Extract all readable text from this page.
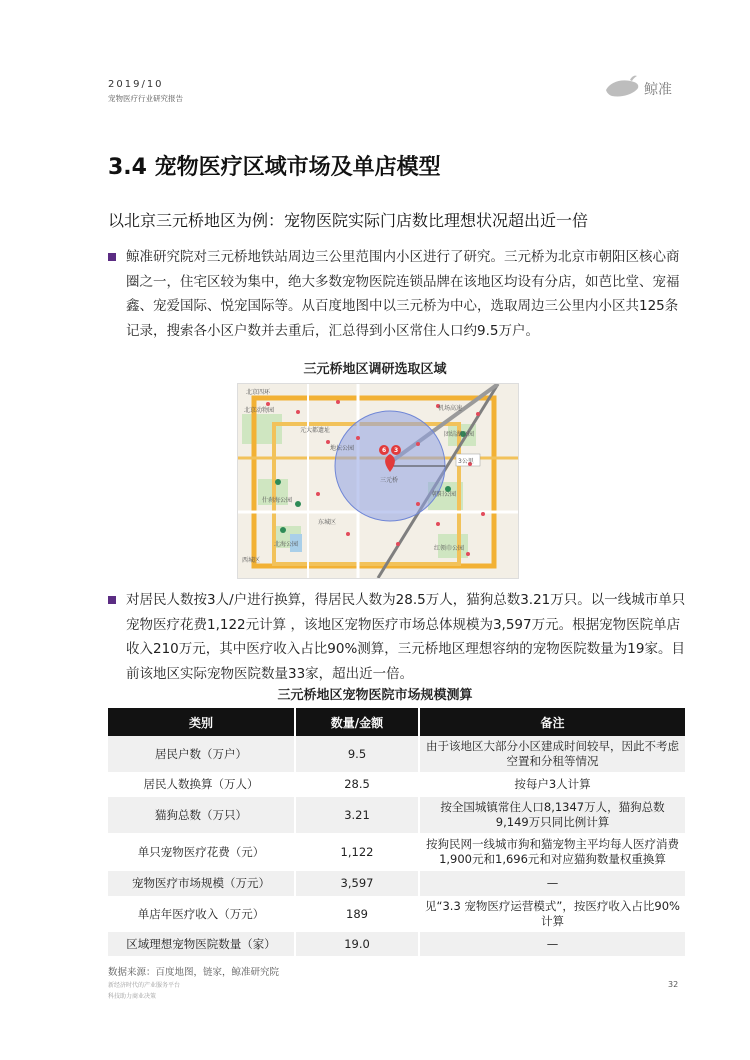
2019/10
宠物医疗行业研究报告
鲸准
3.4 宠物医疗区域市场及单店模型
以北京三元桥地区为例：宠物医院实际门店数比理想状况超出近一倍
鲸准研究院对三元桥地铁站周边三公里范围内小区进行了研究。三元桥为北京市朝阳区核心商圈之一，住宅区较为集中，绝大多数宠物医院连锁品牌在该地区均设有分店，如芭比堂、宠福鑫、宠爱国际、悦宠国际等。从百度地图中以三元桥为中心，选取周边三公里内小区共125条记录，搜索各小区户数并去重后，汇总得到小区常住人口约9.5万户。
三元桥地区调研选取区域
北京四环
北京动物园
元大都遗址
地坛公园
什刹海公园
北海公园
西城区
东城区
三元桥
朝阳公园
红领巾公园
团结湖公园
机场高速
3公里
6 3
对居民人数按3人/户进行换算，得居民人数为28.5万人，猫狗总数3.21万只。以一线城市单只宠物医疗花费1,122元计算 ，该地区宠物医疗市场总体规模为3,597万元。根据宠物医院单店收入210万元，其中医疗收入占比90%测算，三元桥地区理想容纳的宠物医院数量为19家。目前该地区实际宠物医院数量33家，超出近一倍。
三元桥地区宠物医院市场规模测算
类别	数量/金额	备注
居民户数（万户）	9.5	由于该地区大部分小区建成时间较早，因此不考虑空置和分租等情况
居民人数换算（万人）	28.5	按每户3人计算
猫狗总数（万只）	3.21	按全国城镇常住人口8,1347万人，猫狗总数9,149万只同比例计算
单只宠物医疗花费（元）	1,122	按狗民网一线城市狗和猫宠物主平均每人医疗消费1,900元和1,696元和对应猫狗数量权重換算
宠物医疗市场规模（万元）	3,597	—
单店年医疗收入（万元）	189	见“3.3 宠物医疗运营模式”，按医疗收入占比90%计算
区域理想宠物医院数量（家）	19.0	—
数据来源：百度地图，链家，鲸准研究院
新经济时代的产业服务平台
科技助力商业决策
32
